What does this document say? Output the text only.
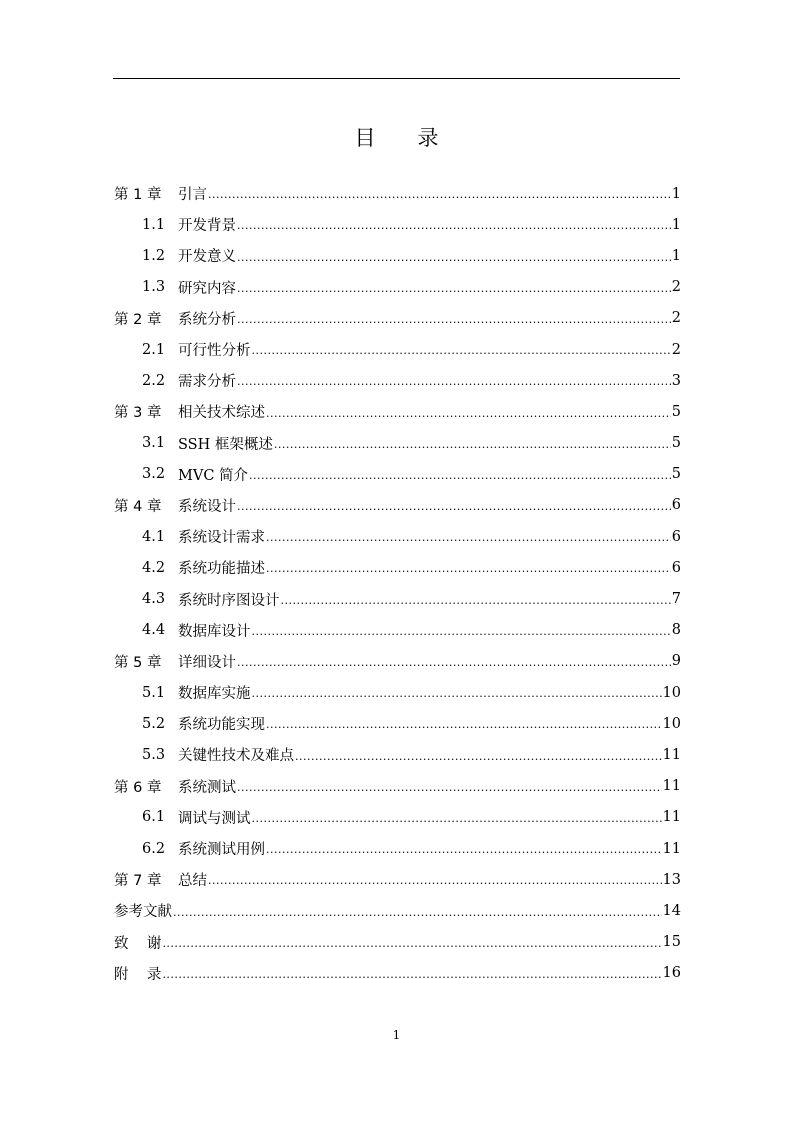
目录
第 1 章	引言 .....	1
1.1 开发背景 .....	1
1.2 开发意义 .....	1
1.3 研究内容 .....	2
第 2 章	系统分析 .....	2
2.1 可行性分析 .....	2
2.2 需求分析 .....	3
第 3 章	相关技术综述 .....	5
3.1 SSH 框架概述 .....	5
3.2 MVC 简介 .....	5
第 4 章	系统设计 .....	6
4.1 系统设计需求 .....	6
4.2 系统功能描述 .....	6
4.3 系统时序图设计 .....	7
4.4 数据库设计 .....	8
第 5 章	详细设计 .....	9
5.1 数据库实施 .....	10
5.2 系统功能实现 .....	10
5.3 关键性技术及难点 .....	11
第 6 章	系统测试 .....	11
6.1 调试与测试 .....	11
6.2 系统测试用例 .....	11
第 7 章	总结 .....	13
参考文献 .....	14
致    谢 .....	15
附    录 .....	16
1
